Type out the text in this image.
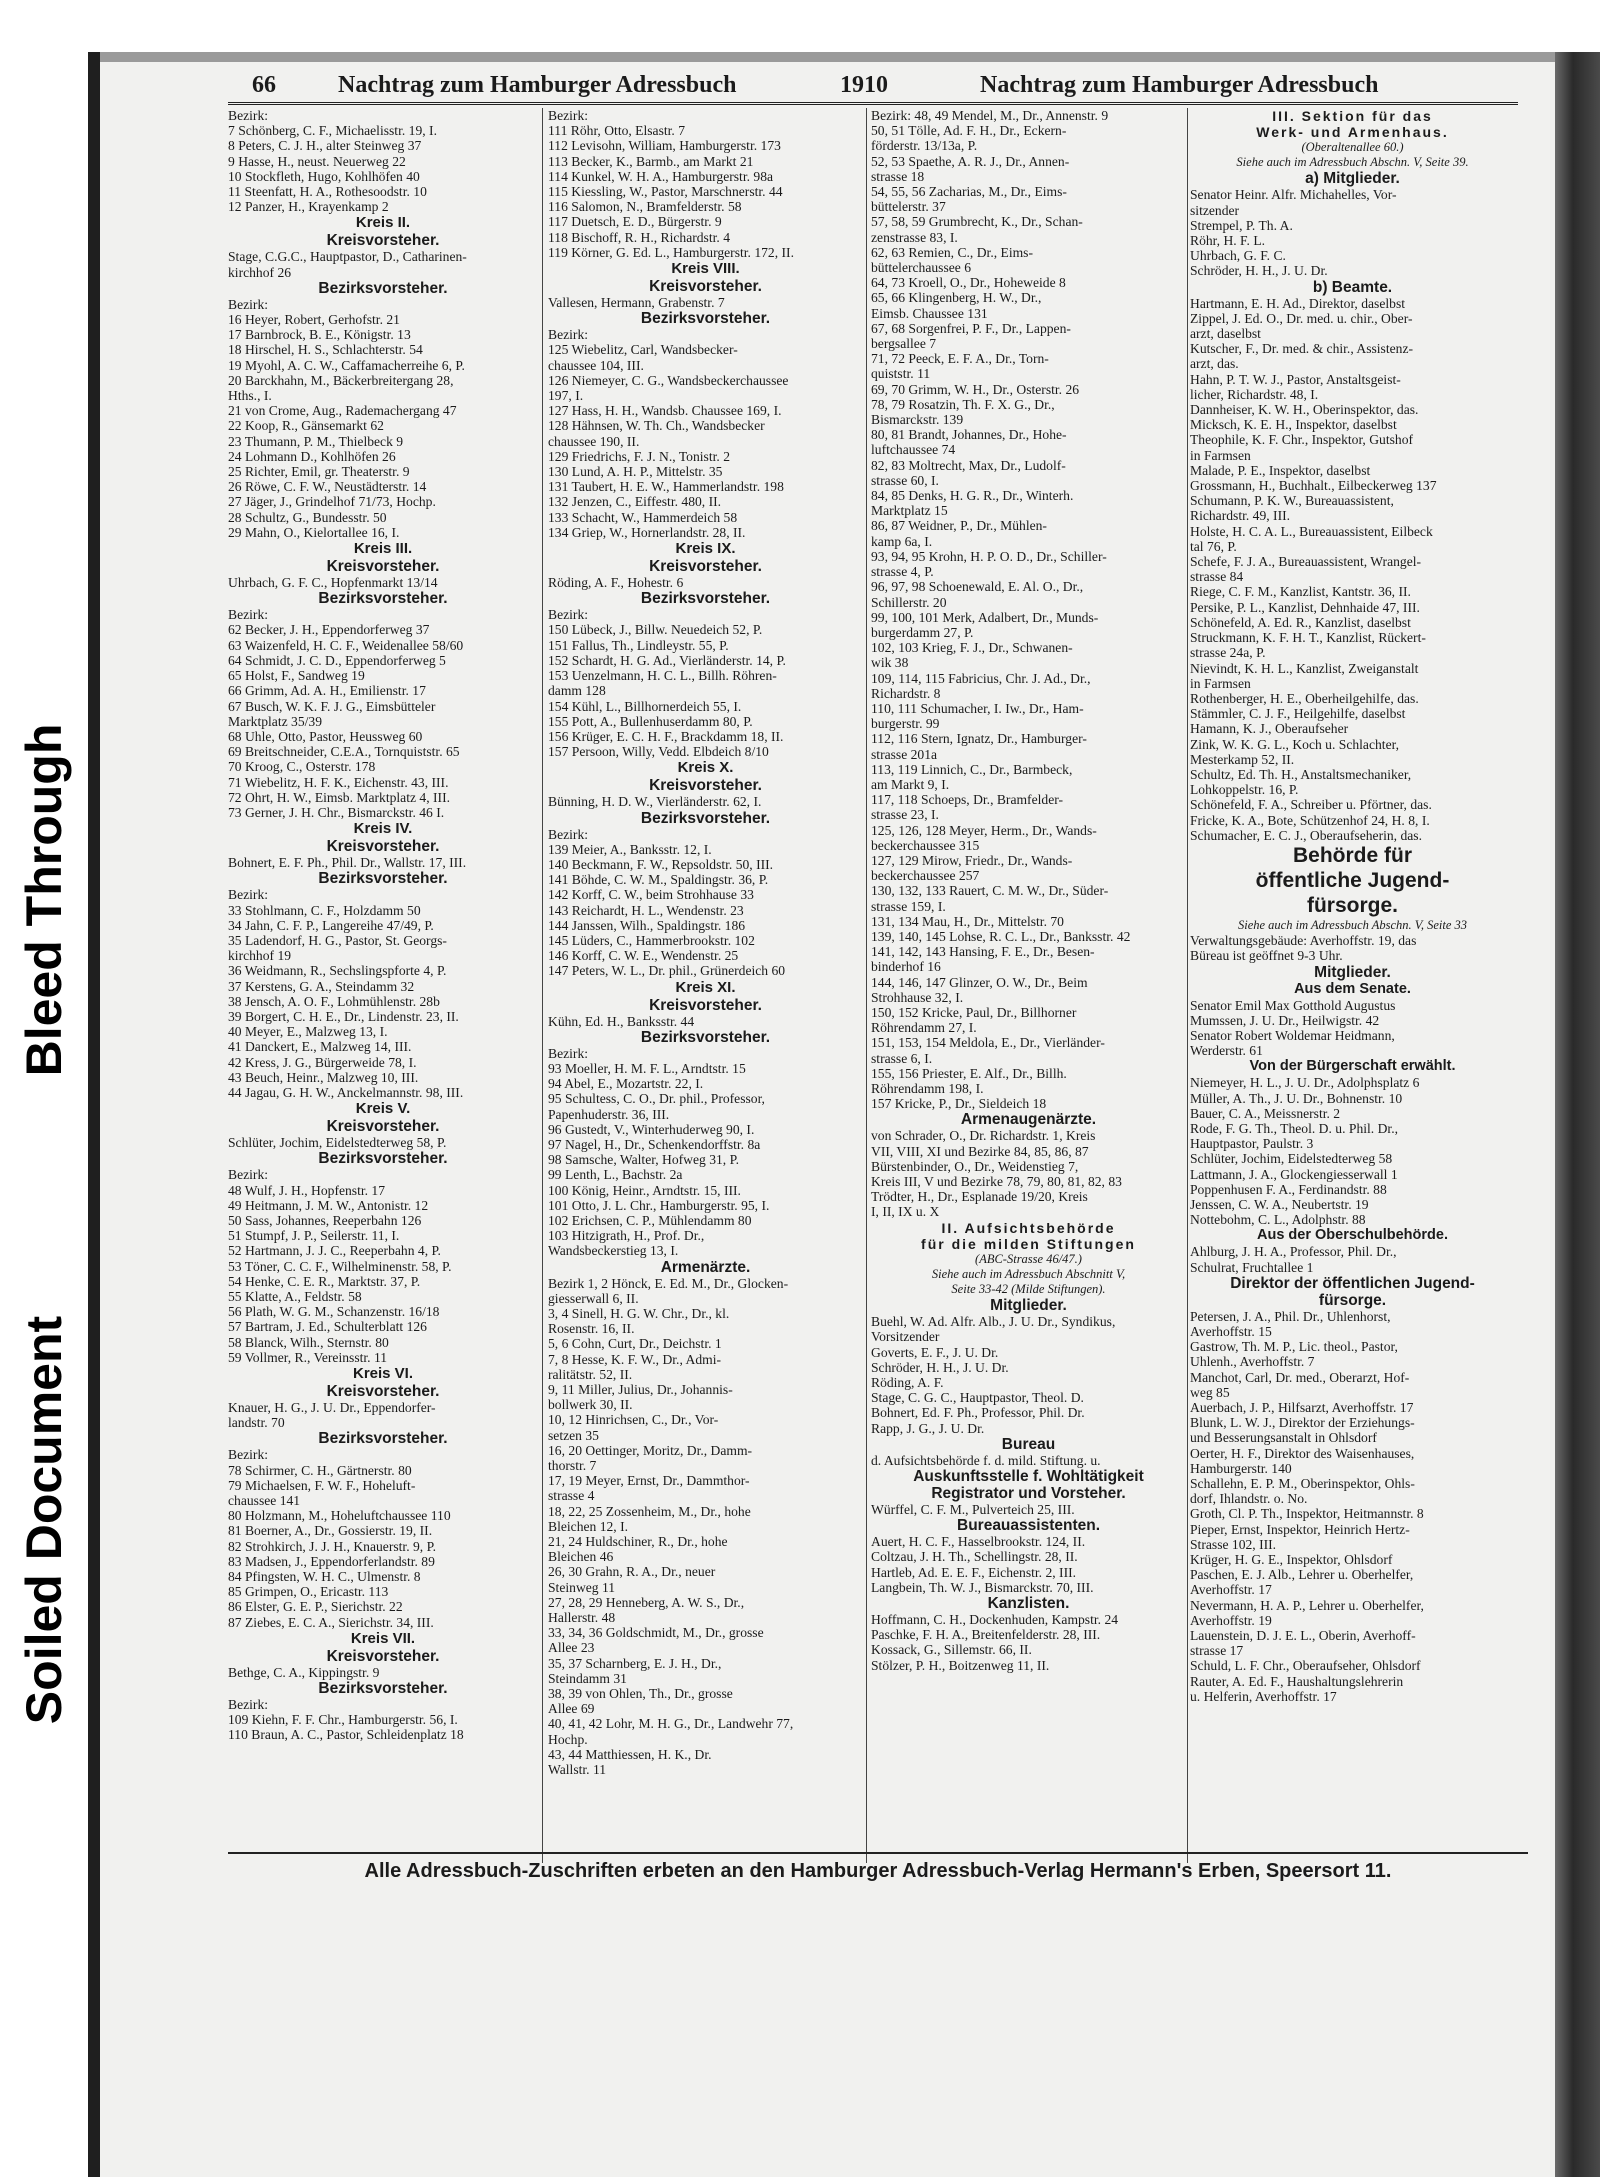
Bleed Through
Soiled Document
66	Nachtrag zum Hamburger Adressbuch	1910	Nachtrag zum Hamburger Adressbuch
Bezirk:
7 Schönberg, C. F., Michaelisstr. 19, I.
8 Peters, C. J. H., alter Steinweg 37
9 Hasse, H., neust. Neuerweg 22
10 Stockfleth, Hugo, Kohlhöfen 40
11 Steenfatt, H. A., Rothesoodstr. 10
12 Panzer, H., Krayenkamp 2
Kreis II.
Kreisvorsteher.
Stage, C.G.C., Hauptpastor, D., Catharinen-
kirchhof 26
Bezirksvorsteher.
Bezirk:
16 Heyer, Robert, Gerhofstr. 21
17 Barnbrock, B. E., Königstr. 13
18 Hirschel, H. S., Schlachterstr. 54
19 Myohl, A. C. W., Caffamacherreihe 6, P.
20 Barckhahn, M., Bäckerbreitergang 28,
Hths., I.
21 von Crome, Aug., Rademachergang 47
22 Koop, R., Gänsemarkt 62
23 Thumann, P. M., Thielbeck 9
24 Lohmann D., Kohlhöfen 26
25 Richter, Emil, gr. Theaterstr. 9
26 Röwe, C. F. W., Neustädterstr. 14
27 Jäger, J., Grindelhof 71/73, Hochp.
28 Schultz, G., Bundesstr. 50
29 Mahn, O., Kielortallee 16, I.
Kreis III.
Kreisvorsteher.
Uhrbach, G. F. C., Hopfenmarkt 13/14
Bezirksvorsteher.
Bezirk:
62 Becker, J. H., Eppendorferweg 37
63 Waizenfeld, H. C. F., Weidenallee 58/60
64 Schmidt, J. C. D., Eppendorferweg 5
65 Holst, F., Sandweg 19
66 Grimm, Ad. A. H., Emilienstr. 17
67 Busch, W. K. F. J. G., Eimsbütteler
Marktplatz 35/39
68 Uhle, Otto, Pastor, Heussweg 60
69 Breitschneider, C.E.A., Tornquiststr. 65
70 Kroog, C., Osterstr. 178
71 Wiebelitz, H. F. K., Eichenstr. 43, III.
72 Ohrt, H. W., Eimsb. Marktplatz 4, III.
73 Gerner, J. H. Chr., Bismarckstr. 46 I.
Kreis IV.
Kreisvorsteher.
Bohnert, E. F. Ph., Phil. Dr., Wallstr. 17, III.
Bezirksvorsteher.
Bezirk:
33 Stohlmann, C. F., Holzdamm 50
34 Jahn, C. F. P., Langereihe 47/49, P.
35 Ladendorf, H. G., Pastor, St. Georgs-
kirchhof 19
36 Weidmann, R., Sechslingspforte 4, P.
37 Kerstens, G. A., Steindamm 32
38 Jensch, A. O. F., Lohmühlenstr. 28b
39 Borgert, C. H. E., Dr., Lindenstr. 23, II.
40 Meyer, E., Malzweg 13, I.
41 Danckert, E., Malzweg 14, III.
42 Kress, J. G., Bürgerweide 78, I.
43 Beuch, Heinr., Malzweg 10, III.
44 Jagau, G. H. W., Anckelmannstr. 98, III.
Kreis V.
Kreisvorsteher.
Schlüter, Jochim, Eidelstedterweg 58, P.
Bezirksvorsteher.
Bezirk:
48 Wulf, J. H., Hopfenstr. 17
49 Heitmann, J. M. W., Antonistr. 12
50 Sass, Johannes, Reeperbahn 126
51 Stumpf, J. P., Seilerstr. 11, I.
52 Hartmann, J. J. C., Reeperbahn 4, P.
53 Töner, C. C. F., Wilhelminenstr. 58, P.
54 Henke, C. E. R., Marktstr. 37, P.
55 Klatte, A., Feldstr. 58
56 Plath, W. G. M., Schanzenstr. 16/18
57 Bartram, J. Ed., Schulterblatt 126
58 Blanck, Wilh., Sternstr. 80
59 Vollmer, R., Vereinsstr. 11
Kreis VI.
Kreisvorsteher.
Knauer, H. G., J. U. Dr., Eppendorfer-
landstr. 70
Bezirksvorsteher.
Bezirk:
78 Schirmer, C. H., Gärtnerstr. 80
79 Michaelsen, F. W. F., Hoheluft-
chaussee 141
80 Holzmann, M., Hoheluftchaussee 110
81 Boerner, A., Dr., Gossierstr. 19, II.
82 Strohkirch, J. J. H., Knauerstr. 9, P.
83 Madsen, J., Eppendorferlandstr. 89
84 Pfingsten, W. H. C., Ulmenstr. 8
85 Grimpen, O., Ericastr. 113
86 Elster, G. E. P., Sierichstr. 22
87 Ziebes, E. C. A., Sierichstr. 34, III.
Kreis VII.
Kreisvorsteher.
Bethge, C. A., Kippingstr. 9
Bezirksvorsteher.
Bezirk:
109 Kiehn, F. F. Chr., Hamburgerstr. 56, I.
110 Braun, A. C., Pastor, Schleidenplatz 18
Bezirk:
111 Röhr, Otto, Elsastr. 7
112 Levisohn, William, Hamburgerstr. 173
113 Becker, K., Barmb., am Markt 21
114 Kunkel, W. H. A., Hamburgerstr. 98a
115 Kiessling, W., Pastor, Marschnerstr. 44
116 Salomon, N., Bramfelderstr. 58
117 Duetsch, E. D., Bürgerstr. 9
118 Bischoff, R. H., Richardstr. 4
119 Körner, G. Ed. L., Hamburgerstr. 172, II.
Kreis VIII.
Kreisvorsteher.
Vallesen, Hermann, Grabenstr. 7
Bezirksvorsteher.
Bezirk:
125 Wiebelitz, Carl, Wandsbecker-
chaussee 104, III.
126 Niemeyer, C. G., Wandsbeckerchaussee
197, I.
127 Hass, H. H., Wandsb. Chaussee 169, I.
128 Hähnsen, W. Th. Ch., Wandsbecker
chaussee 190, II.
129 Friedrichs, F. J. N., Tonistr. 2
130 Lund, A. H. P., Mittelstr. 35
131 Taubert, H. E. W., Hammerlandstr. 198
132 Jenzen, C., Eiffestr. 480, II.
133 Schacht, W., Hammerdeich 58
134 Griep, W., Hornerlandstr. 28, II.
Kreis IX.
Kreisvorsteher.
Röding, A. F., Hohestr. 6
Bezirksvorsteher.
Bezirk:
150 Lübeck, J., Billw. Neuedeich 52, P.
151 Fallus, Th., Lindleystr. 55, P.
152 Schardt, H. G. Ad., Vierländerstr. 14, P.
153 Uenzelmann, H. C. L., Billh. Röhren-
damm 128
154 Kühl, L., Billhornerdeich 55, I.
155 Pott, A., Bullenhuserdamm 80, P.
156 Krüger, E. C. H. F., Brackdamm 18, II.
157 Persoon, Willy, Vedd. Elbdeich 8/10
Kreis X.
Kreisvorsteher.
Bünning, H. D. W., Vierländerstr. 62, I.
Bezirksvorsteher.
Bezirk:
139 Meier, A., Banksstr. 12, I.
140 Beckmann, F. W., Repsoldstr. 50, III.
141 Böhde, C. W. M., Spaldingstr. 36, P.
142 Korff, C. W., beim Strohhause 33
143 Reichardt, H. L., Wendenstr. 23
144 Janssen, Wilh., Spaldingstr. 186
145 Lüders, C., Hammerbrookstr. 102
146 Korff, C. W. E., Wendenstr. 25
147 Peters, W. L., Dr. phil., Grünerdeich 60
Kreis XI.
Kreisvorsteher.
Kühn, Ed. H., Banksstr. 44
Bezirksvorsteher.
Bezirk:
93 Moeller, H. M. F. L., Arndtstr. 15
94 Abel, E., Mozartstr. 22, I.
95 Schultess, C. O., Dr. phil., Professor,
Papenhuderstr. 36, III.
96 Gustedt, V., Winterhuderweg 90, I.
97 Nagel, H., Dr., Schenkendorffstr. 8a
98 Samsche, Walter, Hofweg 31, P.
99 Lenth, L., Bachstr. 2a
100 König, Heinr., Arndtstr. 15, III.
101 Otto, J. L. Chr., Hamburgerstr. 95, I.
102 Erichsen, C. P., Mühlendamm 80
103 Hitzigrath, H., Prof. Dr.,
Wandsbeckerstieg 13, I.
Armenärzte.
Bezirk 1, 2 Hönck, E. Ed. M., Dr., Glocken-
giesserwall 6, II.
3, 4 Sinell, H. G. W. Chr., Dr., kl.
Rosenstr. 16, II.
5, 6 Cohn, Curt, Dr., Deichstr. 1
7, 8 Hesse, K. F. W., Dr., Admi-
ralitätstr. 52, II.
9, 11 Miller, Julius, Dr., Johannis-
bollwerk 30, II.
10, 12 Hinrichsen, C., Dr., Vor-
setzen 35
16, 20 Oettinger, Moritz, Dr., Damm-
thorstr. 7
17, 19 Meyer, Ernst, Dr., Dammthor-
strasse 4
18, 22, 25 Zossenheim, M., Dr., hohe
Bleichen 12, I.
21, 24 Huldschiner, R., Dr., hohe
Bleichen 46
26, 30 Grahn, R. A., Dr., neuer
Steinweg 11
27, 28, 29 Henneberg, A. W. S., Dr.,
Hallerstr. 48
33, 34, 36 Goldschmidt, M., Dr., grosse
Allee 23
35, 37 Scharnberg, E. J. H., Dr.,
Steindamm 31
38, 39 von Ohlen, Th., Dr., grosse
Allee 69
40, 41, 42 Lohr, M. H. G., Dr., Landwehr 77,
Hochp.
43, 44 Matthiessen, H. K., Dr.
Wallstr. 11
Bezirk: 48, 49 Mendel, M., Dr., Annenstr. 9
50, 51 Tölle, Ad. F. H., Dr., Eckern-
förderstr. 13/13a, P.
52, 53 Spaethe, A. R. J., Dr., Annen-
strasse 18
54, 55, 56 Zacharias, M., Dr., Eims-
büttelerstr. 37
57, 58, 59 Grumbrecht, K., Dr., Schan-
zenstrasse 83, I.
62, 63 Remien, C., Dr., Eims-
büttelerchaussee 6
64, 73 Kroell, O., Dr., Hoheweide 8
65, 66 Klingenberg, H. W., Dr.,
Eimsb. Chaussee 131
67, 68 Sorgenfrei, P. F., Dr., Lappen-
bergsallee 7
71, 72 Peeck, E. F. A., Dr., Torn-
quiststr. 11
69, 70 Grimm, W. H., Dr., Osterstr. 26
78, 79 Rosatzin, Th. F. X. G., Dr.,
Bismarckstr. 139
80, 81 Brandt, Johannes, Dr., Hohe-
luftchaussee 74
82, 83 Moltrecht, Max, Dr., Ludolf-
strasse 60, I.
84, 85 Denks, H. G. R., Dr., Winterh.
Marktplatz 15
86, 87 Weidner, P., Dr., Mühlen-
kamp 6a, I.
93, 94, 95 Krohn, H. P. O. D., Dr., Schiller-
strasse 4, P.
96, 97, 98 Schoenewald, E. Al. O., Dr.,
Schillerstr. 20
99, 100, 101 Merk, Adalbert, Dr., Munds-
burgerdamm 27, P.
102, 103 Krieg, F. J., Dr., Schwanen-
wik 38
109, 114, 115 Fabricius, Chr. J. Ad., Dr.,
Richardstr. 8
110, 111 Schumacher, I. Iw., Dr., Ham-
burgerstr. 99
112, 116 Stern, Ignatz, Dr., Hamburger-
strasse 201a
113, 119 Linnich, C., Dr., Barmbeck,
am Markt 9, I.
117, 118 Schoeps, Dr., Bramfelder-
strasse 23, I.
125, 126, 128 Meyer, Herm., Dr., Wands-
beckerchaussee 315
127, 129 Mirow, Friedr., Dr., Wands-
beckerchaussee 257
130, 132, 133 Rauert, C. M. W., Dr., Süder-
strasse 159, I.
131, 134 Mau, H., Dr., Mittelstr. 70
139, 140, 145 Lohse, R. C. L., Dr., Banksstr. 42
141, 142, 143 Hansing, F. E., Dr., Besen-
binderhof 16
144, 146, 147 Glinzer, O. W., Dr., Beim
Strohhause 32, I.
150, 152 Kricke, Paul, Dr., Billhorner
Röhrendamm 27, I.
151, 153, 154 Meldola, E., Dr., Vierländer-
strasse 6, I.
155, 156 Priester, E. Alf., Dr., Billh.
Röhrendamm 198, I.
157 Kricke, P., Dr., Sieldeich 18
Armenaugenärzte.
von Schrader, O., Dr. Richardstr. 1, Kreis
VII, VIII, XI und Bezirke 84, 85, 86, 87
Bürstenbinder, O., Dr., Weidenstieg 7,
Kreis III, V und Bezirke 78, 79, 80, 81, 82, 83
Trödter, H., Dr., Esplanade 19/20, Kreis
I, II, IX u. X
II. Aufsichtsbehörde
für die milden Stiftungen
(ABC-Strasse 46/47.)
Siehe auch im Adressbuch Abschnitt V,
Seite 33-42 (Milde Stiftungen).
Mitglieder.
Buehl, W. Ad. Alfr. Alb., J. U. Dr., Syndikus,
Vorsitzender
Goverts, E. F., J. U. Dr.
Schröder, H. H., J. U. Dr.
Röding, A. F.
Stage, C. G. C., Hauptpastor, Theol. D.
Bohnert, Ed. F. Ph., Professor, Phil. Dr.
Rapp, J. G., J. U. Dr.
Bureau
d. Aufsichtsbehörde f. d. mild. Stiftung. u.
Auskunftsstelle f. Wohltätigkeit
Registrator und Vorsteher.
Würffel, C. F. M., Pulverteich 25, III.
Bureauassistenten.
Auert, H. C. F., Hasselbrookstr. 124, II.
Coltzau, J. H. Th., Schellingstr. 28, II.
Hartleb, Ad. E. E. F., Eichenstr. 2, III.
Langbein, Th. W. J., Bismarckstr. 70, III.
Kanzlisten.
Hoffmann, C. H., Dockenhuden, Kampstr. 24
Paschke, F. H. A., Breitenfelderstr. 28, III.
Kossack, G., Sillemstr. 66, II.
Stölzer, P. H., Boitzenweg 11, II.
III. Sektion für das
Werk- und Armenhaus.
(Oberaltenallee 60.)
Siehe auch im Adressbuch Abschn. V, Seite 39.
a) Mitglieder.
Senator Heinr. Alfr. Michahelles, Vor-
sitzender
Strempel, P. Th. A.
Röhr, H. F. L.
Uhrbach, G. F. C.
Schröder, H. H., J. U. Dr.
b) Beamte.
Hartmann, E. H. Ad., Direktor, daselbst
Zippel, J. Ed. O., Dr. med. u. chir., Ober-
arzt, daselbst
Kutscher, F., Dr. med. & chir., Assistenz-
arzt, das.
Hahn, P. T. W. J., Pastor, Anstaltsgeist-
licher, Richardstr. 48, I.
Dannheiser, K. W. H., Oberinspektor, das.
Micksch, K. E. H., Inspektor, daselbst
Theophile, K. F. Chr., Inspektor, Gutshof
in Farmsen
Malade, P. E., Inspektor, daselbst
Grossmann, H., Buchhalt., Eilbeckerweg 137
Schumann, P. K. W., Bureauassistent,
Richardstr. 49, III.
Holste, H. C. A. L., Bureauassistent, Eilbeck
tal 76, P.
Schefe, F. J. A., Bureauassistent, Wrangel-
strasse 84
Riege, C. F. M., Kanzlist, Kantstr. 36, II.
Persike, P. L., Kanzlist, Dehnhaide 47, III.
Schönefeld, A. Ed. R., Kanzlist, daselbst
Struckmann, K. F. H. T., Kanzlist, Rückert-
strasse 24a, P.
Nievindt, K. H. L., Kanzlist, Zweiganstalt
in Farmsen
Rothenberger, H. E., Oberheilgehilfe, das.
Stämmler, C. J. F., Heilgehilfe, daselbst
Hamann, K. J., Oberaufseher
Zink, W. K. G. L., Koch u. Schlachter,
Mesterkamp 52, II.
Schultz, Ed. Th. H., Anstaltsmechaniker,
Lohkoppelstr. 16, P.
Schönefeld, F. A., Schreiber u. Pförtner, das.
Fricke, K. A., Bote, Schützenhof 24, H. 8, I.
Schumacher, E. C. J., Oberaufseherin, das.
Behörde für
öffentliche Jugend-
fürsorge.
Siehe auch im Adressbuch Abschn. V, Seite 33
Verwaltungsgebäude: Averhoffstr. 19, das
Büreau ist geöffnet 9-3 Uhr.
Mitglieder.
Aus dem Senate.
Senator Emil Max Gotthold Augustus
Mumssen, J. U. Dr., Heilwigstr. 42
Senator Robert Woldemar Heidmann,
Werderstr. 61
Von der Bürgerschaft erwählt.
Niemeyer, H. L., J. U. Dr., Adolphsplatz 6
Müller, A. Th., J. U. Dr., Bohnenstr. 10
Bauer, C. A., Meissnerstr. 2
Rode, F. G. Th., Theol. D. u. Phil. Dr.,
Hauptpastor, Paulstr. 3
Schlüter, Jochim, Eidelstedterweg 58
Lattmann, J. A., Glockengiesserwall 1
Poppenhusen F. A., Ferdinandstr. 88
Jenssen, C. W. A., Neubertstr. 19
Nottebohm, C. L., Adolphstr. 88
Aus der Oberschulbehörde.
Ahlburg, J. H. A., Professor, Phil. Dr.,
Schulrat, Fruchtallee 1
Direktor der öffentlichen Jugend-
fürsorge.
Petersen, J. A., Phil. Dr., Uhlenhorst,
Averhoffstr. 15
Gastrow, Th. M. P., Lic. theol., Pastor,
Uhlenh., Averhoffstr. 7
Manchot, Carl, Dr. med., Oberarzt, Hof-
weg 85
Auerbach, J. P., Hilfsarzt, Averhoffstr. 17
Blunk, L. W. J., Direktor der Erziehungs-
und Besserungsanstalt in Ohlsdorf
Oerter, H. F., Direktor des Waisenhauses,
Hamburgerstr. 140
Schallehn, E. P. M., Oberinspektor, Ohls-
dorf, Ihlandstr. o. No.
Groth, Cl. P. Th., Inspektor, Heitmannstr. 8
Pieper, Ernst, Inspektor, Heinrich Hertz-
Strasse 102, III.
Krüger, H. G. E., Inspektor, Ohlsdorf
Paschen, E. J. Alb., Lehrer u. Oberhelfer,
Averhoffstr. 17
Nevermann, H. A. P., Lehrer u. Oberhelfer,
Averhoffstr. 19
Lauenstein, D. J. E. L., Oberin, Averhoff-
strasse 17
Schuld, L. F. Chr., Oberaufseher, Ohlsdorf
Rauter, A. Ed. F., Haushaltungslehrerin
u. Helferin, Averhoffstr. 17
Alle Adressbuch-Zuschriften erbeten an den Hamburger Adressbuch-Verlag Hermann's Erben, Speersort 11.
